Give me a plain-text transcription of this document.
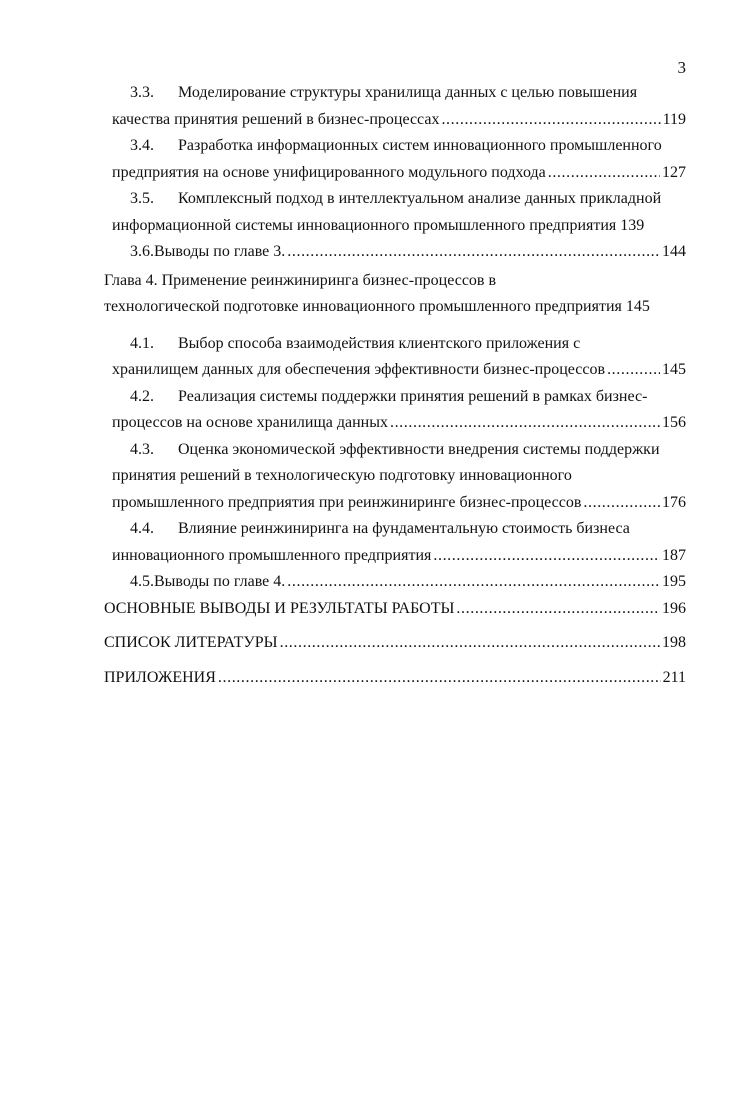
3
3.3.	Моделирование структуры хранилища данных с целью повышения
качества принятия решений в бизнес-процессах . . .	119
3.4.	Разработка информационных систем инновационного промышленного
предприятия на основе унифицированного модульного подхода . . .	127
3.5.	Комплексный подход в интеллектуальном анализе данных прикладной
информационной системы инновационного промышленного предприятия 139
3.6. Выводы по главе 3. . . .	144
Глава 4. Применение реинжиниринга бизнес-процессов в
технологической подготовке инновационного промышленного предприятия 145
4.1.	Выбор способа взаимодействия клиентского приложения с
хранилищем данных для обеспечения эффективности бизнес-процессов . . .	145
4.2.	Реализация системы поддержки принятия решений в рамках бизнес-
процессов на основе хранилища данных . . .	156
4.3.	Оценка экономической эффективности внедрения системы поддержки
принятия решений в технологическую подготовку инновационного
промышленного предприятия при реинжиниринге бизнес-процессов . . .	176
4.4.	Влияние реинжиниринга на фундаментальную стоимость бизнеса
инновационного промышленного предприятия . . .	187
4.5. Выводы по главе 4. . . .	195
ОСНОВНЫЕ ВЫВОДЫ И РЕЗУЛЬТАТЫ РАБОТЫ . . .	196
СПИСОК ЛИТЕРАТУРЫ . . .	198
ПРИЛОЖЕНИЯ . . .	211
